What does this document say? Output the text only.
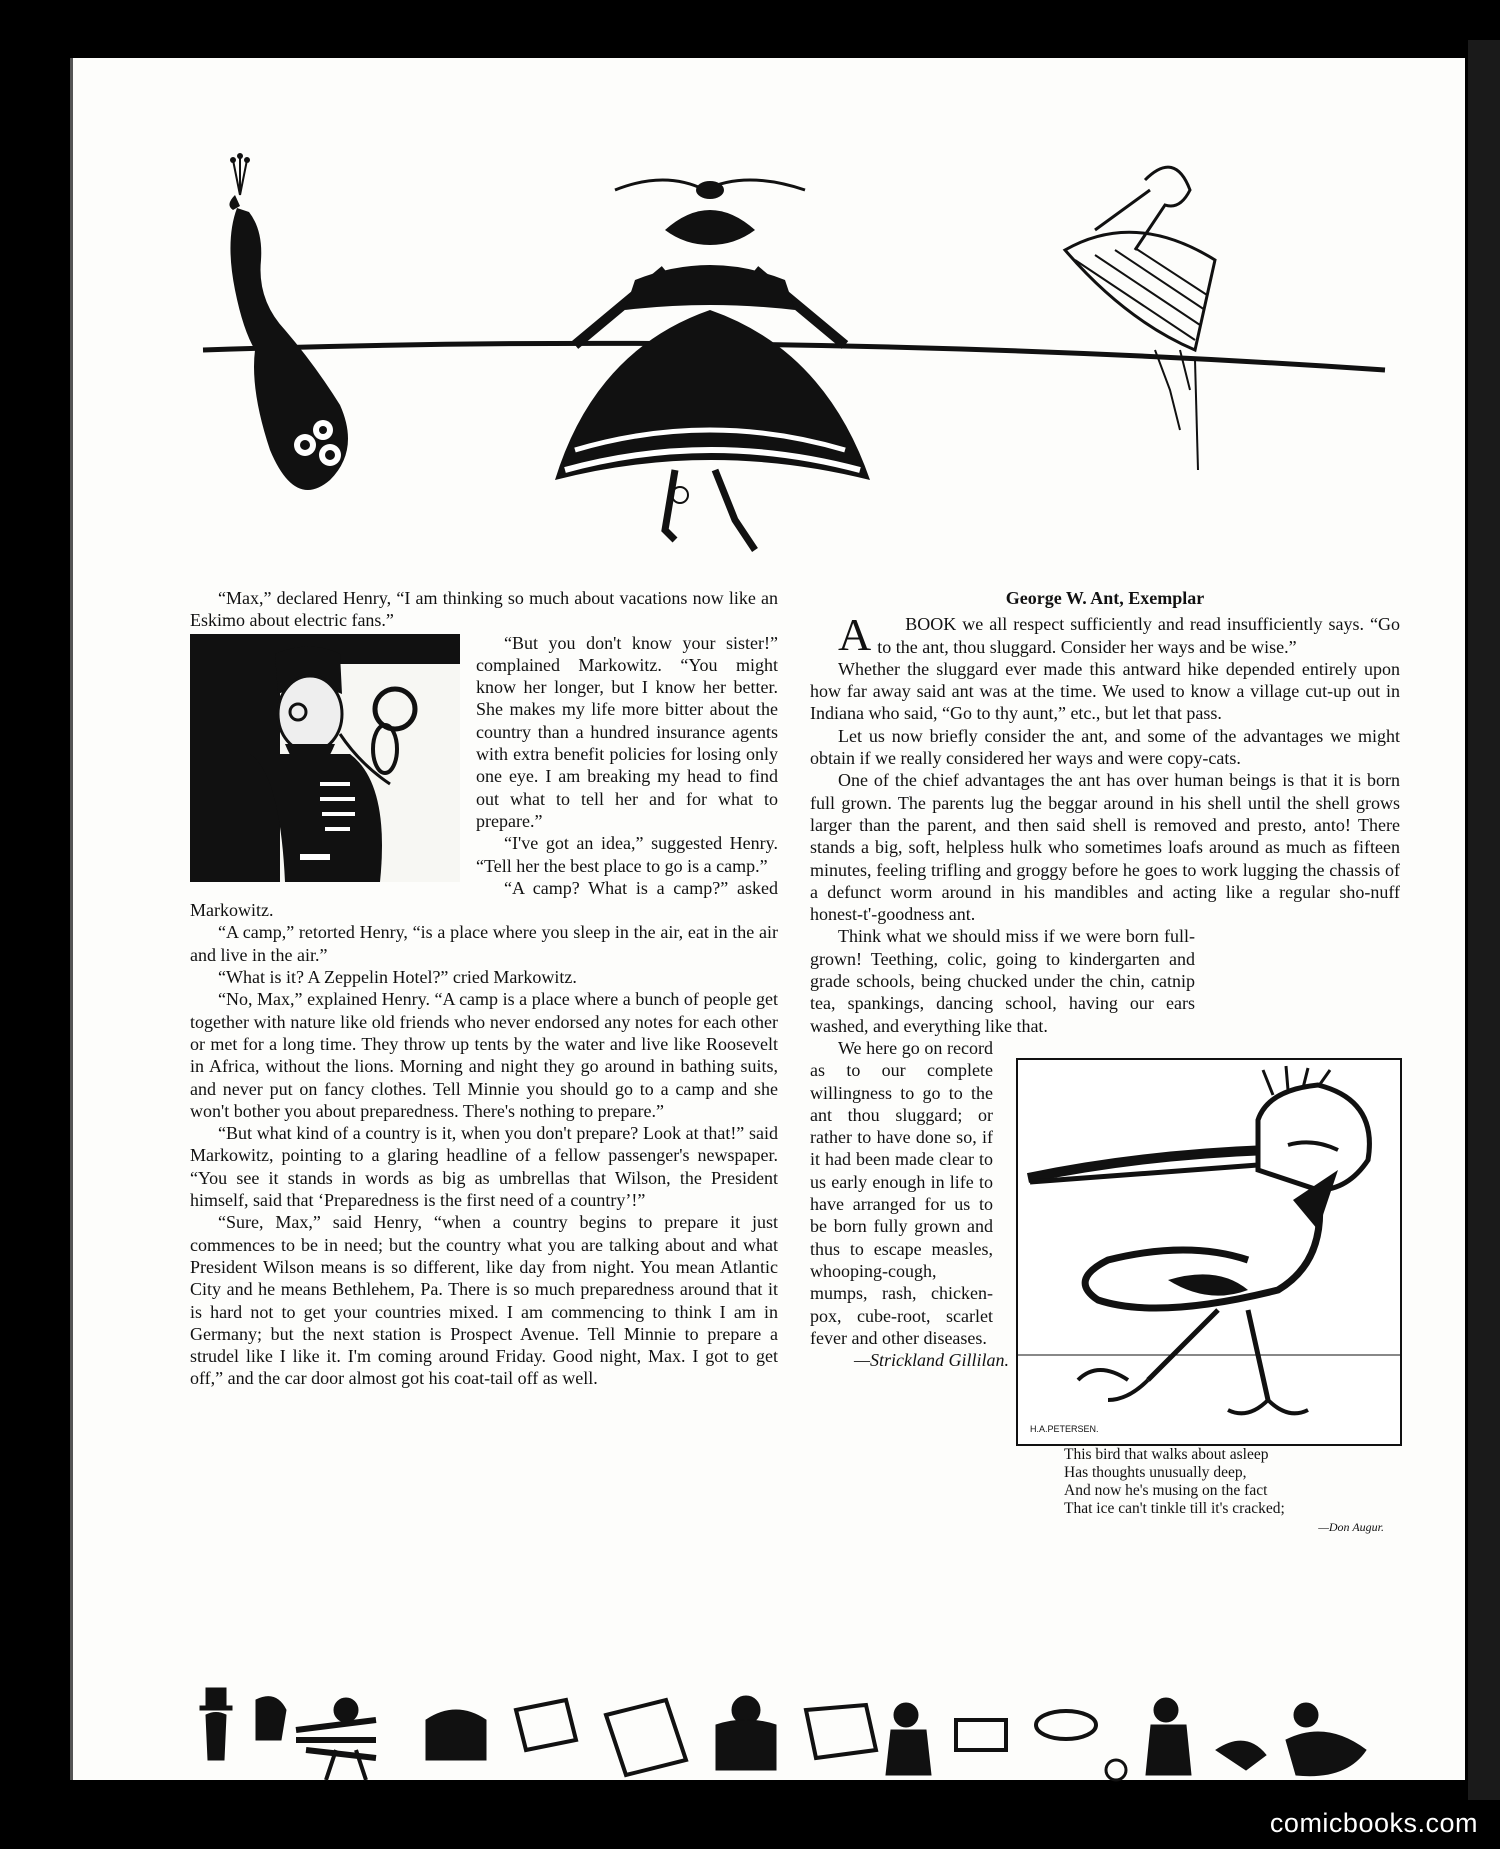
“Max,” declared Henry, “I am thinking so much about vacations now like an Eskimo about electric fans.”

“But you don't know your sister!” complained Markowitz. “You might know her longer, but I know her better. She makes my life more bitter about the country than a hundred insurance agents with extra benefit policies for losing only one eye. I am breaking my head to find out what to tell her and for what to prepare.”

“I've got an idea,” suggested Henry. “Tell her the best place to go is a camp.”

“A camp? What is a camp?” asked Markowitz.

“A camp,” retorted Henry, “is a place where you sleep in the air, eat in the air and live in the air.”

“What is it? A Zeppelin Hotel?” cried Markowitz.

“No, Max,” explained Henry. “A camp is a place where a bunch of people get together with nature like old friends who never endorsed any notes for each other or met for a long time. They throw up tents by the water and live like Roosevelt in Africa, without the lions. Morning and night they go around in bathing suits, and never put on fancy clothes. Tell Minnie you should go to a camp and she won't bother you about preparedness. There's nothing to prepare.”

“But what kind of a country is it, when you don't prepare? Look at that!” said Markowitz, pointing to a glaring headline of a fellow passenger's newspaper. “You see it stands in words as big as umbrellas that Wilson, the President himself, said that ‘Preparedness is the first need of a country’!”

“Sure, Max,” said Henry, “when a country begins to prepare it just commences to be in need; but the country what you are talking about and what President Wilson means is so different, like day from night. You mean Atlantic City and he means Bethlehem, Pa. There is so much preparedness around that it is hard not to get your countries mixed. I am commencing to think I am in Germany; but the next station is Prospect Avenue. Tell Minnie to prepare a strudel like I like it. I'm coming around Friday. Good night, Max. I got to get off,” and the car door almost got his coat-tail off as well.

George W. Ant, Exemplar

A BOOK we all respect sufficiently and read insufficiently says. “Go to the ant, thou sluggard. Consider her ways and be wise.”

Whether the sluggard ever made this antward hike depended entirely upon how far away said ant was at the time. We used to know a village cut-up out in Indiana who said, “Go to thy aunt,” etc., but let that pass.

Let us now briefly consider the ant, and some of the advantages we might obtain if we really considered her ways and were copy-cats.

One of the chief advantages the ant has over human beings is that it is born full grown. The parents lug the beggar around in his shell until the shell grows larger than the parent, and then said shell is removed and presto, anto! There stands a big, soft, helpless hulk who sometimes loafs around as much as fifteen minutes, feeling trifling and groggy before he goes to work lugging the chassis of a defunct worm around in his mandibles and acting like a regular sho-nuff honest-t'-goodness ant.

Think what we should miss if we were born full-grown! Teething, colic, going to kindergarten and grade schools, being chucked under the chin, catnip tea, spankings, dancing school, having our ears washed, and everything like that.

We here go on record as to our complete willingness to go to the ant thou sluggard; or rather to have done so, if it had been made clear to us early enough in life to have arranged for us to be born fully grown and thus to escape measles, whooping-cough, mumps, rash, chicken-pox, cube-root, scarlet fever and other diseases.

—Strickland Gillilan.

H.A.PETERSEN.
This bird that walks about asleep
Has thoughts unusually deep,
And now he's musing on the fact
That ice can't tinkle till it's cracked;
—Don Augur.
comicbooks.com
